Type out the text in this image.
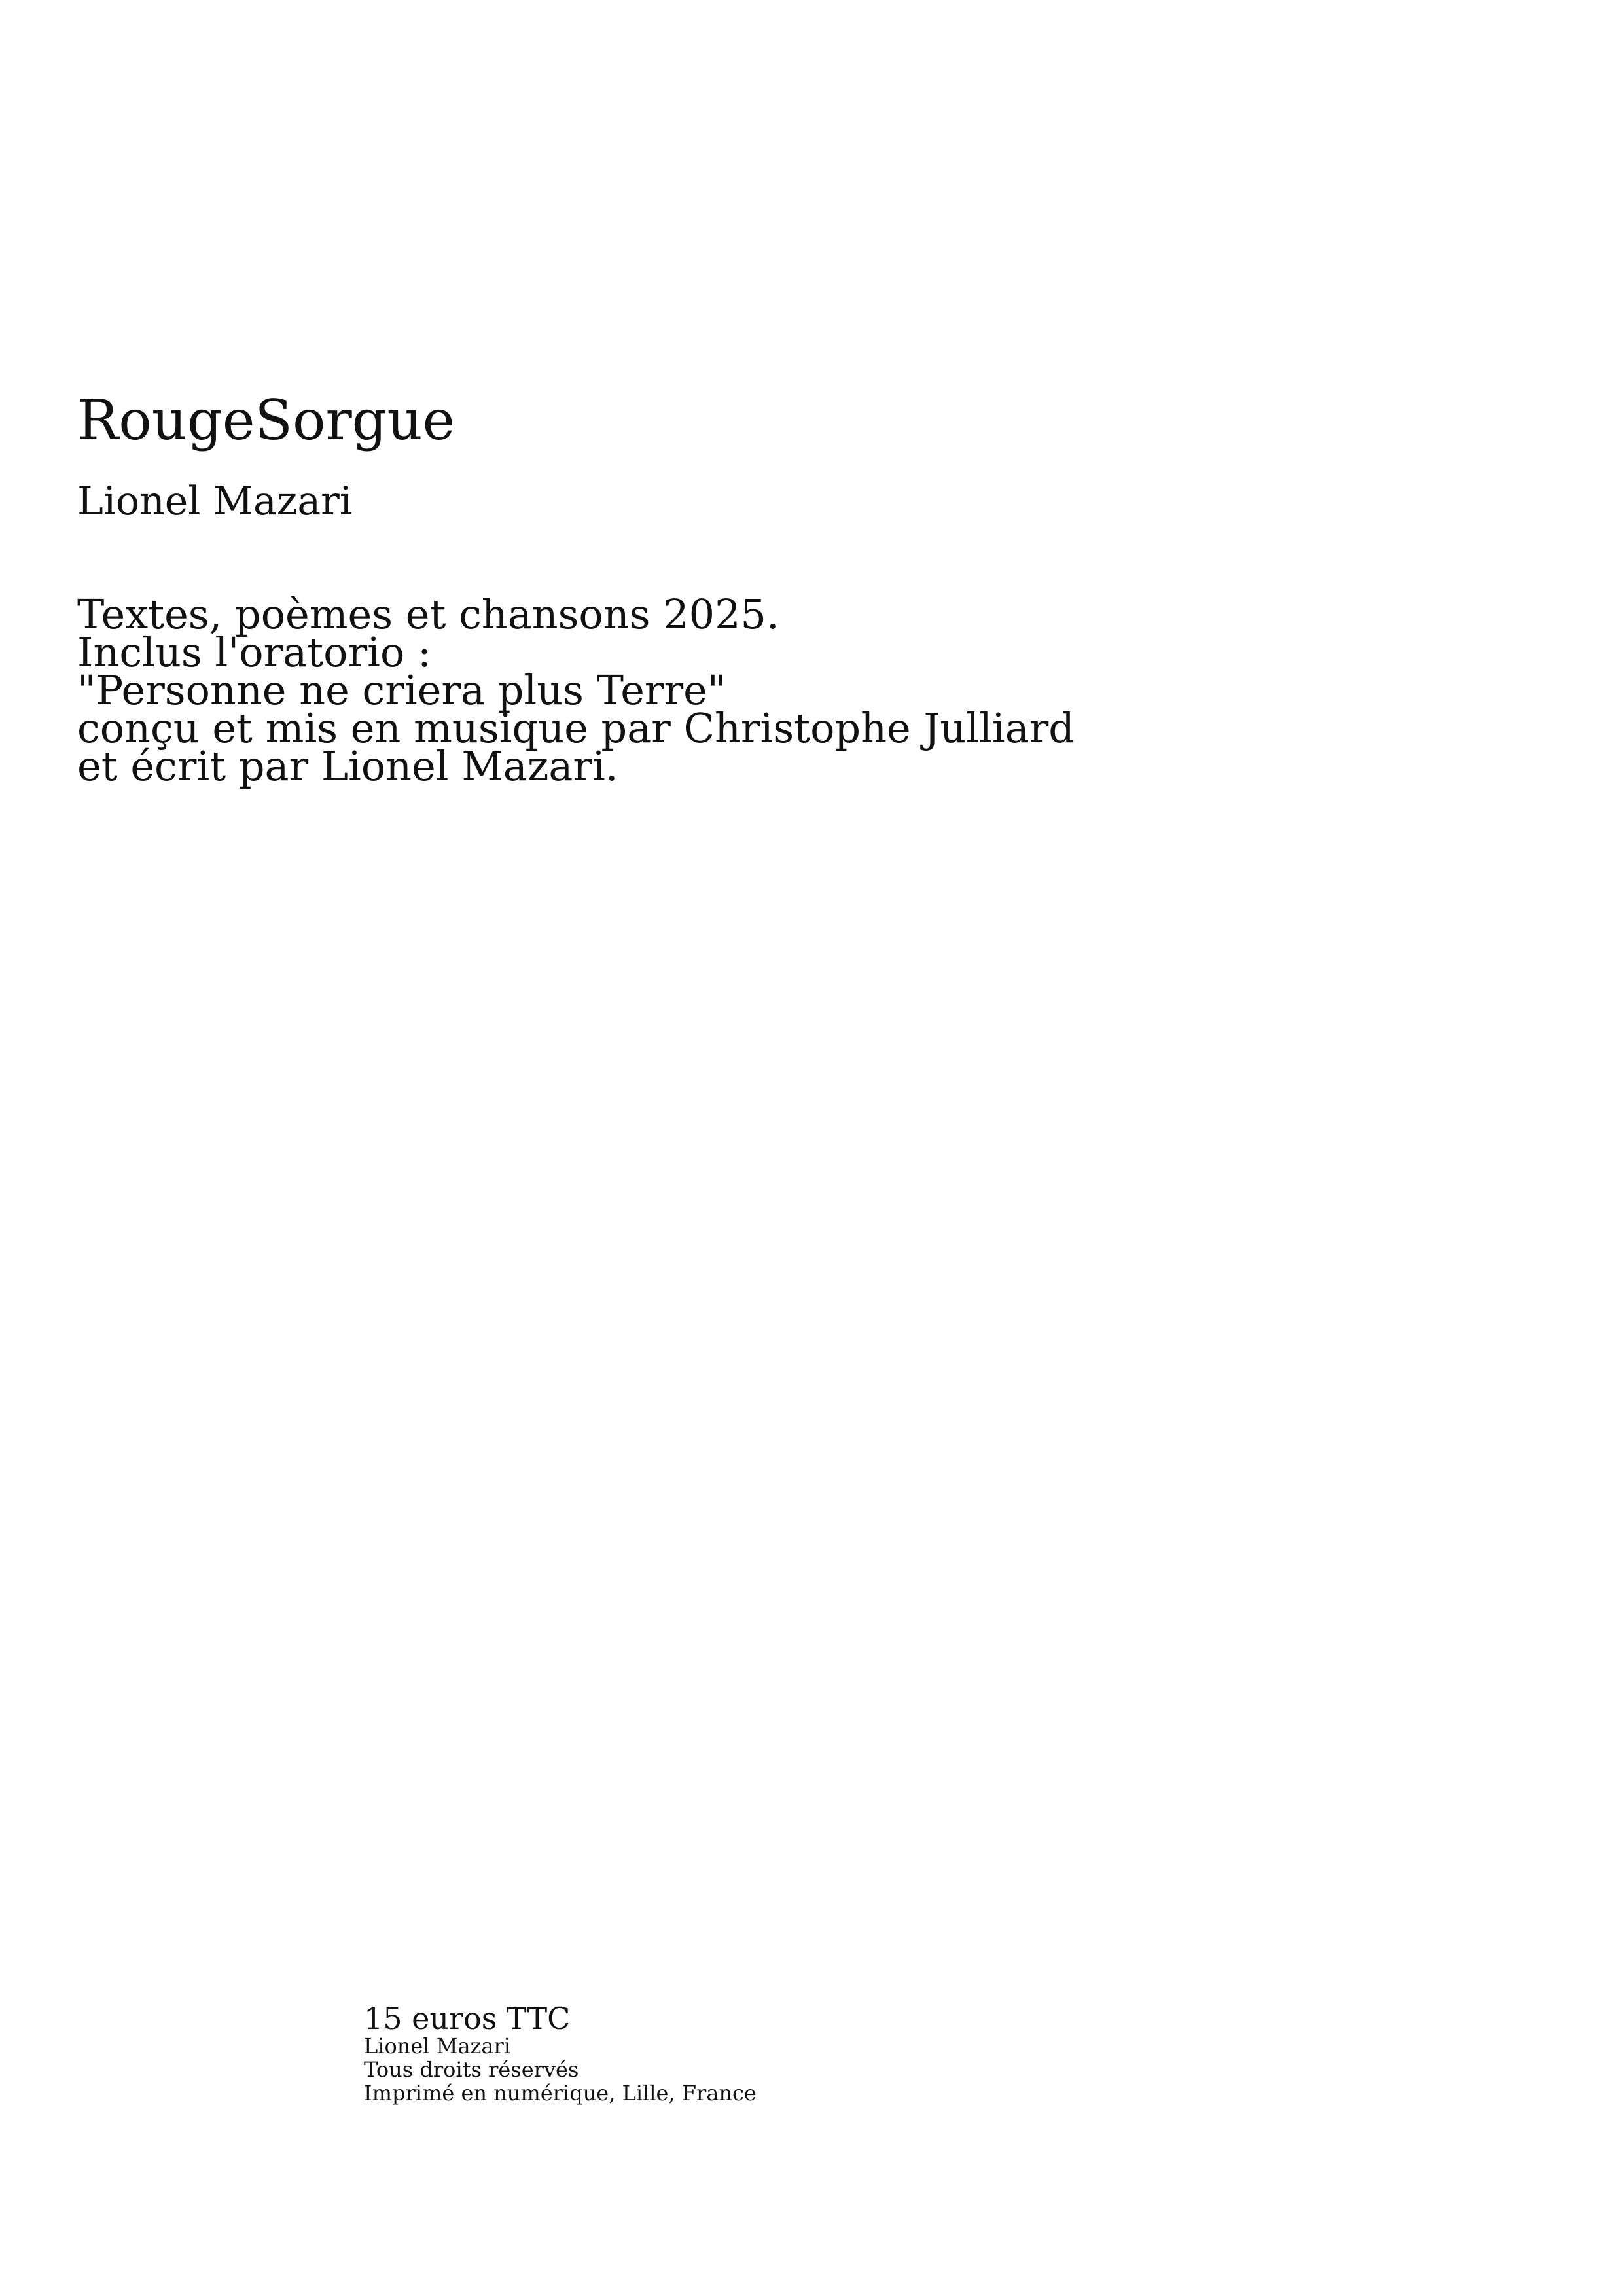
RougeSorgue
Lionel Mazari
Textes, poèmes et chansons 2025.
Inclus l'oratorio :
"Personne ne criera plus Terre"
conçu et mis en musique par Christophe Julliard
et écrit par Lionel Mazari.
15 euros TTC
Lionel Mazari
Tous droits réservés
Imprimé en numérique, Lille, France
